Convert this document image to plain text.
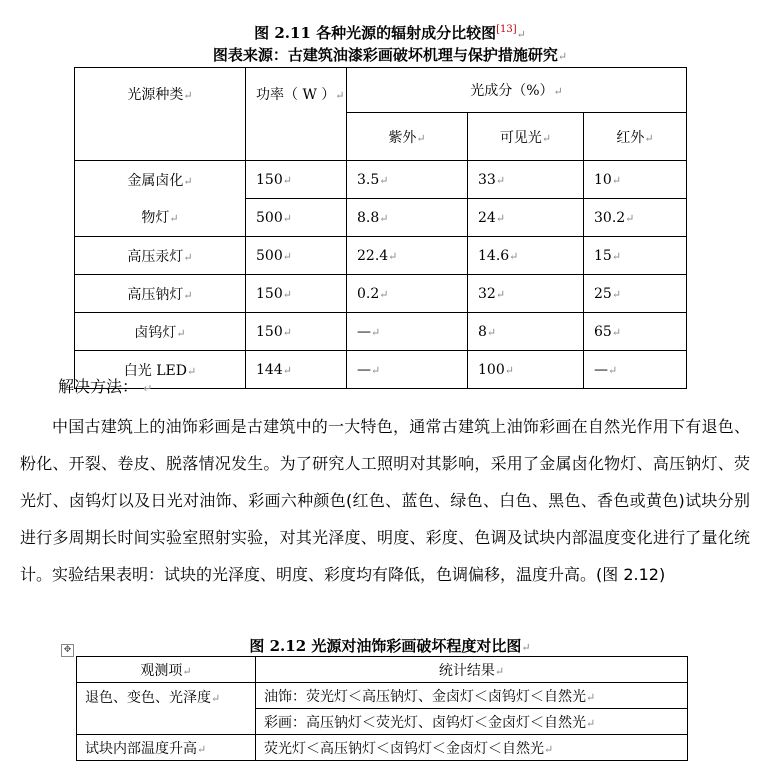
图 2.11 各种光源的辐射成分比较图[13]↵
图表来源：古建筑油漆彩画破坏机理与保护措施研究↵
光源种类↵	功率（ W ）↵	光成分（%）↵		
		紫外↵	可见光↵	红外↵
金属卤化↵	150↵	3.5↵	33↵	10↵
物灯↵	500↵	8.8↵	24↵	30.2↵
高压汞灯↵	500↵	22.4↵	14.6↵	15↵
高压钠灯↵	150↵	0.2↵	32↵	25↵
卤钨灯↵	150↵	—↵	8↵	65↵
白光 LED↵	144↵	—↵	100↵	—↵
解决方法： ↵

中国古建筑上的油饰彩画是古建筑中的一大特色，通常古建筑上油饰彩画在自然光作用下有退色、粉化、开裂、卷皮、脱落情况发生。为了研究人工照明对其影响，采用了金属卤化物灯、高压钠灯、荧光灯、卤钨灯以及日光对油饰、彩画六种颜色(红色、蓝色、绿色、白色、黑色、香色或黄色)试块分别进行多周期长时间实验室照射实验，对其光泽度、明度、彩度、色调及试块内部温度变化进行了量化统计。实验结果表明：试块的光泽度、明度、彩度均有降低，色调偏移，温度升高。(图 2.12)

图 2.12 光源对油饰彩画破坏程度对比图↵
✥
观测项↵	统计结果↵
退色、变色、光泽度↵	油饰：荧光灯＜高压钠灯、金卤灯＜卤钨灯＜自然光↵
	彩画：高压钠灯＜荧光灯、卤钨灯＜金卤灯＜自然光↵
试块内部温度升高↵	荧光灯＜高压钠灯＜卤钨灯＜金卤灯＜自然光↵
